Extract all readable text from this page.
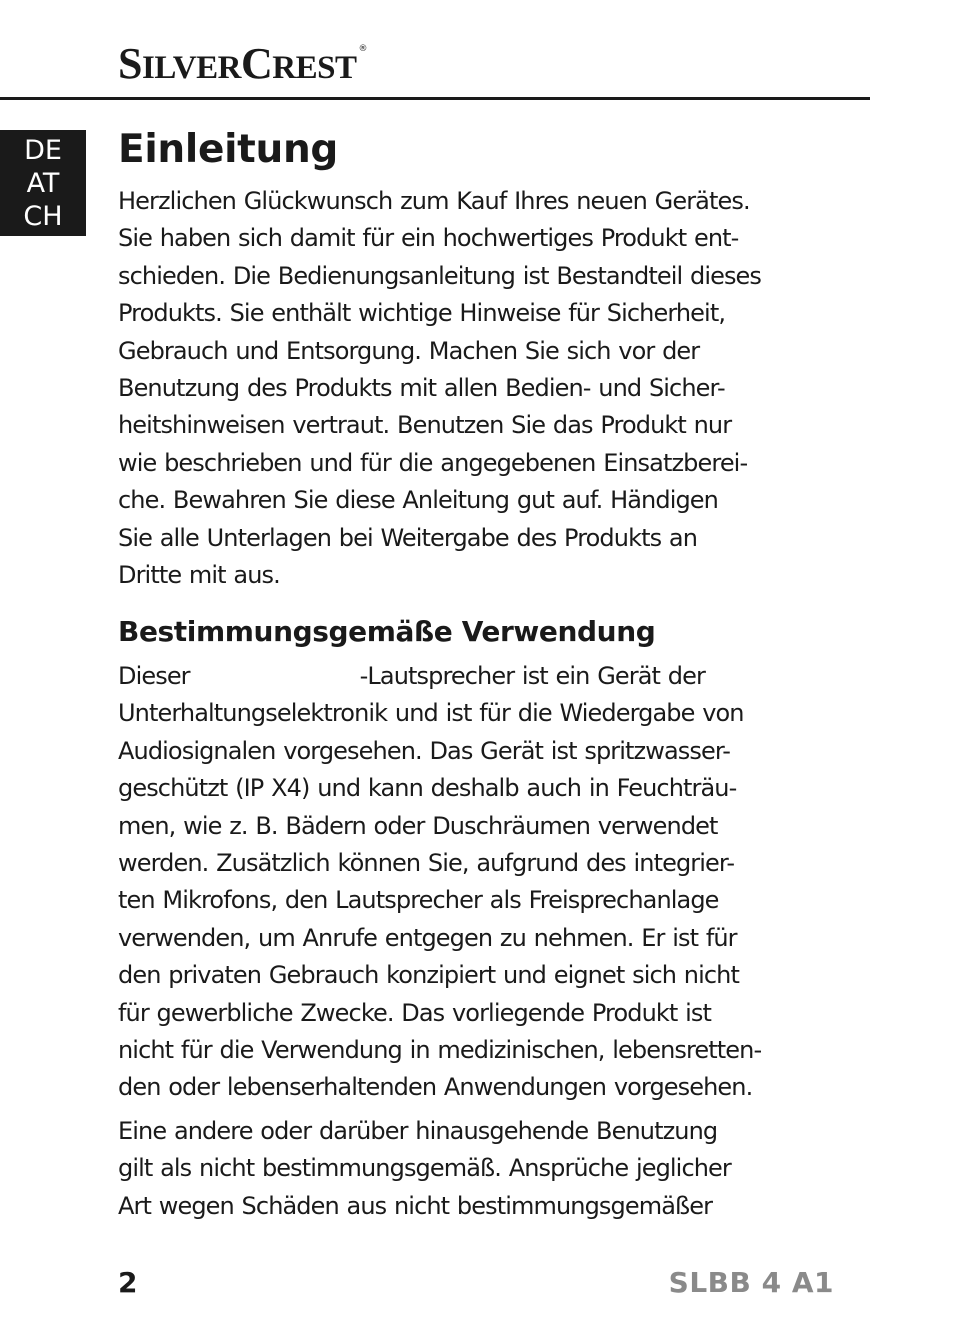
SILVERCREST®
DE
AT
CH
Einleitung
Herzlichen Glückwunsch zum Kauf Ihres neuen Gerätes.
Sie haben sich damit für ein hochwertiges Produkt ent-
schieden. Die Bedienungsanleitung ist Bestandteil dieses
Produkts. Sie enthält wichtige Hinweise für Sicherheit,
Gebrauch und Entsorgung. Machen Sie sich vor der
Benutzung des Produkts mit allen Bedien- und Sicher-
heitshinweisen vertraut. Benutzen Sie das Produkt nur
wie beschrieben und für die angegebenen Einsatzberei-
che. Bewahren Sie diese Anleitung gut auf. Händigen
Sie alle Unterlagen bei Weitergabe des Produkts an
Dritte mit aus.
Bestimmungsgemäße Verwendung
Dieser	-Lautsprecher ist ein Gerät der
Unterhaltungselektronik und ist für die Wiedergabe von
Audiosignalen vorgesehen. Das Gerät ist spritzwasser-
geschützt (IP X4) und kann deshalb auch in Feuchträu-
men, wie z. B. Bädern oder Duschräumen verwendet
werden. Zusätzlich können Sie, aufgrund des integrier-
ten Mikrofons, den Lautsprecher als Freisprechanlage
verwenden, um Anrufe entgegen zu nehmen. Er ist für
den privaten Gebrauch konzipiert und eignet sich nicht
für gewerbliche Zwecke. Das vorliegende Produkt ist
nicht für die Verwendung in medizinischen, lebensretten-
den oder lebenserhaltenden Anwendungen vorgesehen.
Eine andere oder darüber hinausgehende Benutzung
gilt als nicht bestimmungsgemäß. Ansprüche jeglicher
Art wegen Schäden aus nicht bestimmungsgemäßer
2	SLBB 4 A1
